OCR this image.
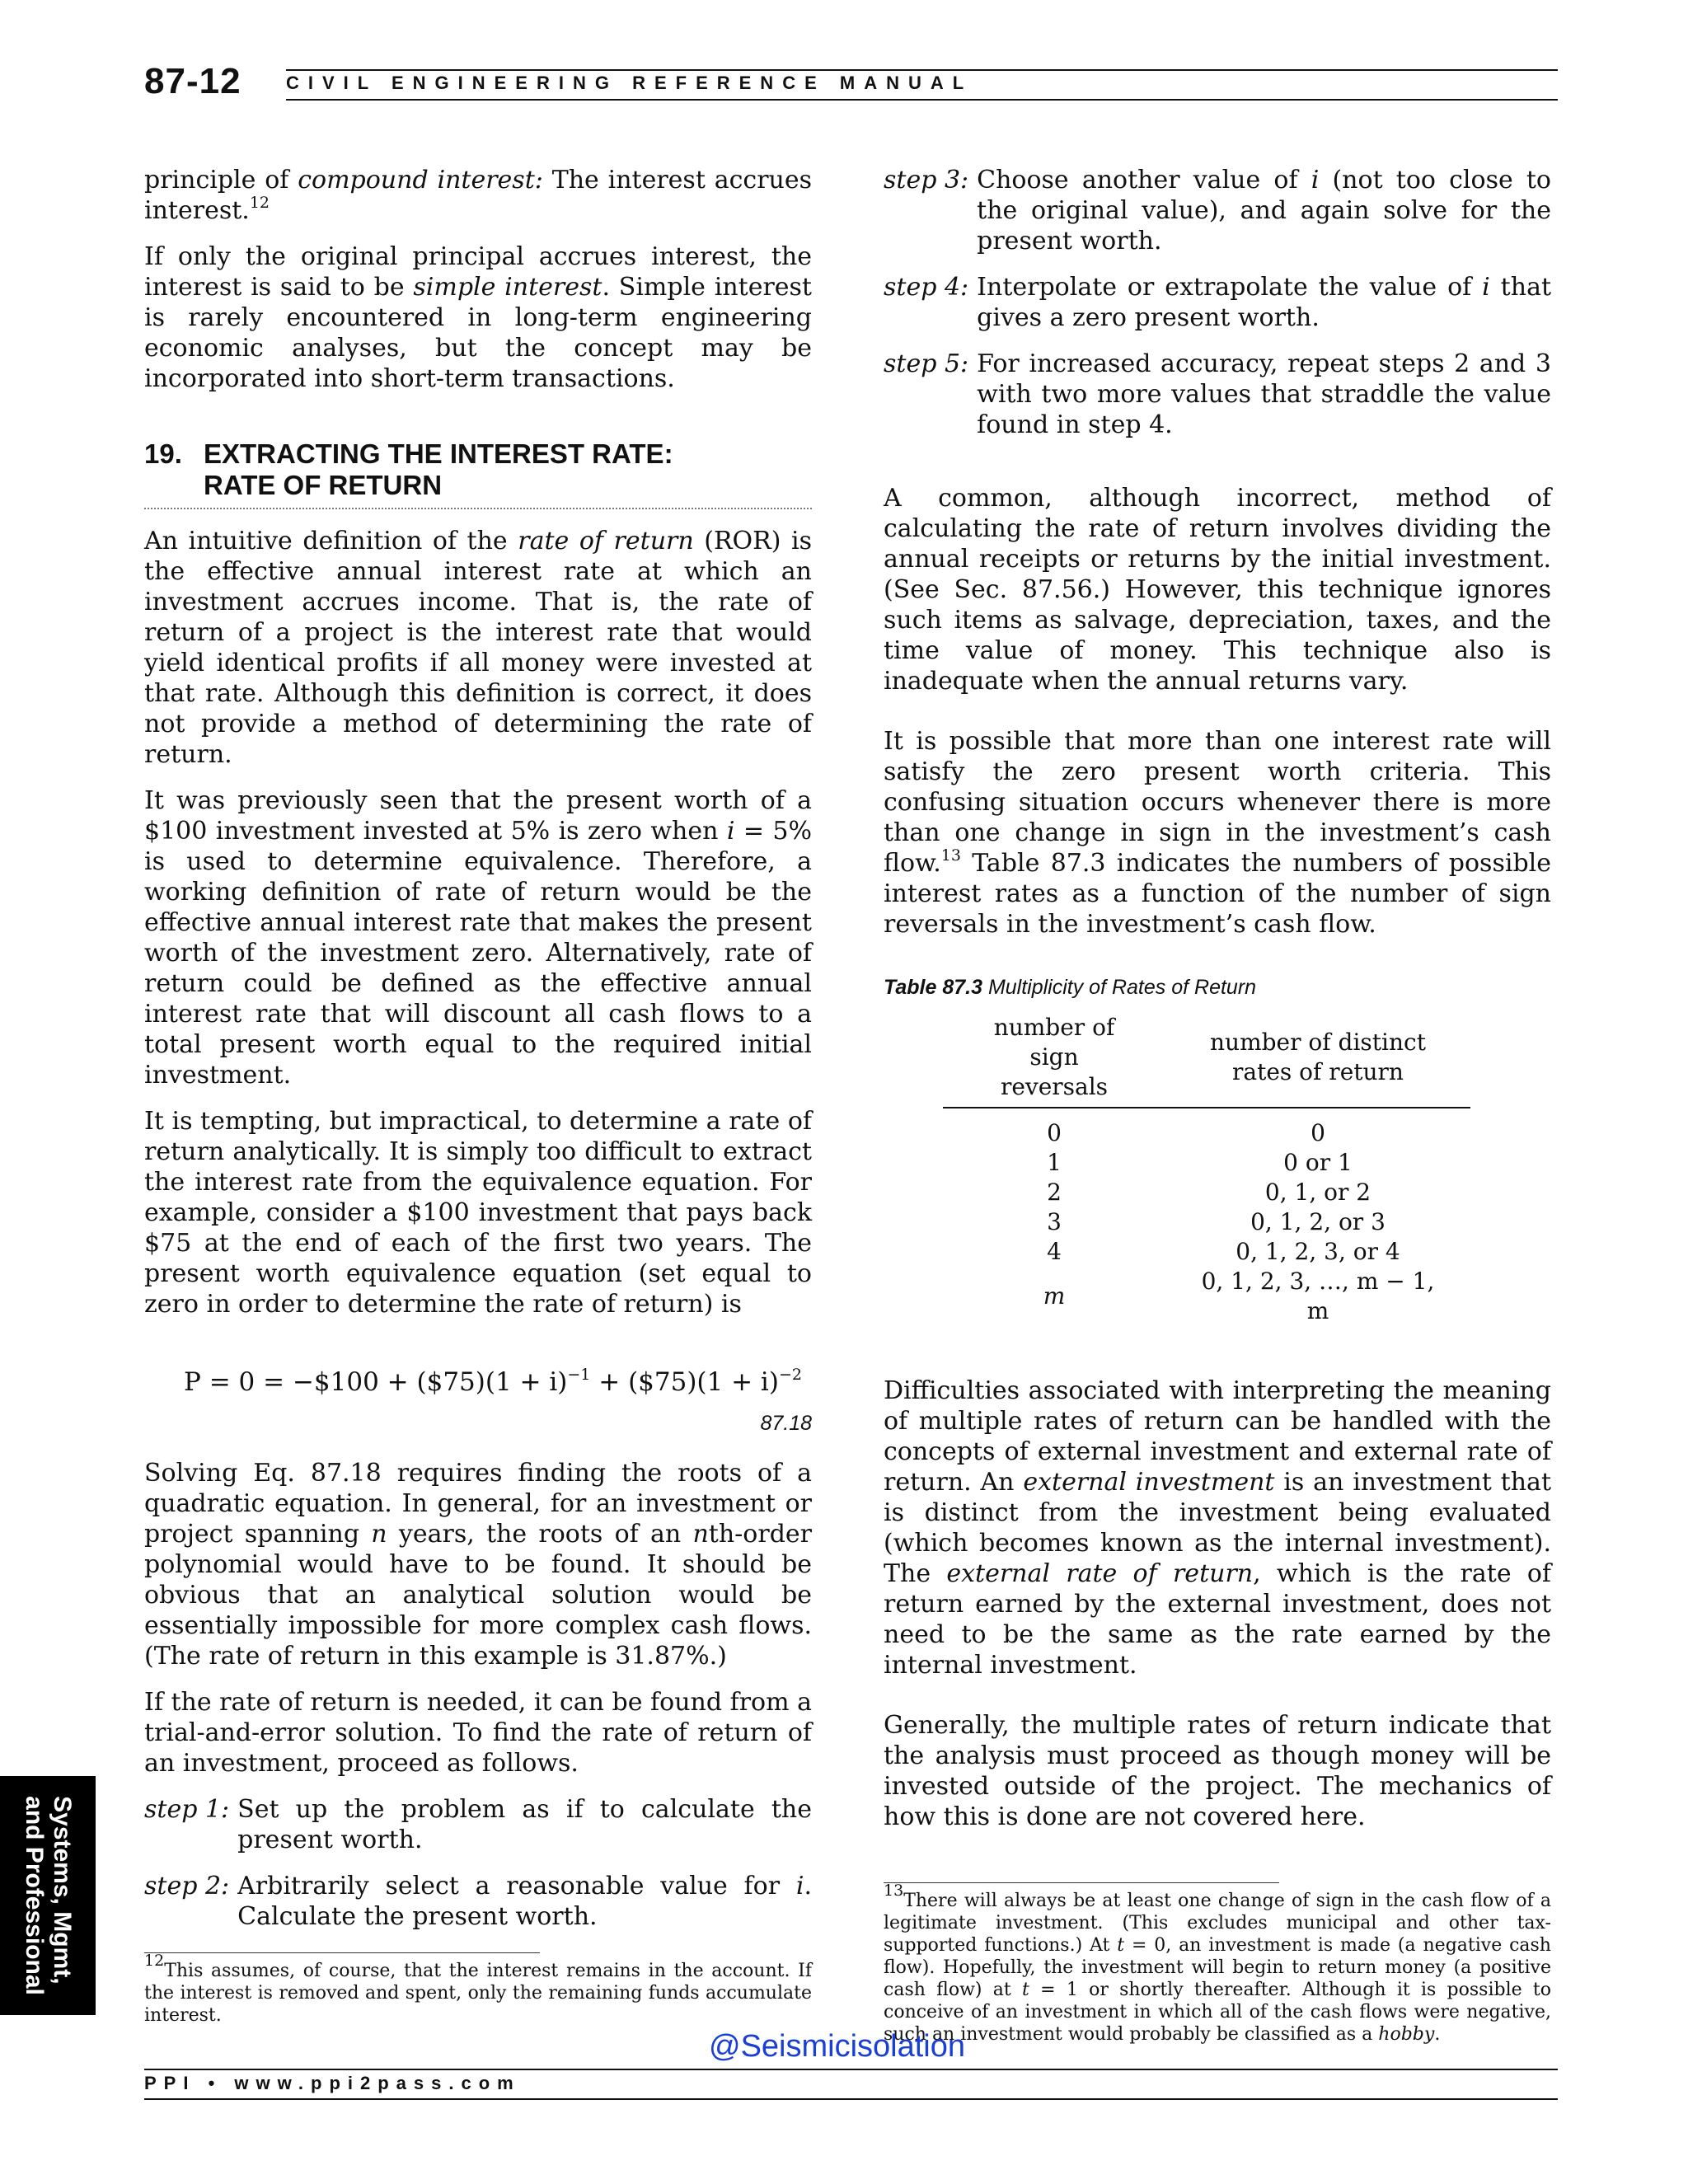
87-12 CIVIL ENGINEERING REFERENCE MANUAL

principle of compound interest: The interest accrues interest.$^{12}$

If only the original principal accrues interest, the interest is said to be simple interest. Simple interest is rarely encountered in long-term engineering economic analyses, but the concept may be incorporated into short-term transactions.

19. EXTRACTING THE INTEREST RATE:
RATE OF RETURN

An intuitive definition of the rate of return (ROR) is the effective annual interest rate at which an investment accrues income. That is, the rate of return of a project is the interest rate that would yield identical profits if all money were invested at that rate. Although this definition is correct, it does not provide a method of determining the rate of return.

It was previously seen that the present worth of a $100 investment invested at 5% is zero when i = 5% is used to determine equivalence. Therefore, a working definition of rate of return would be the effective annual interest rate that makes the present worth of the investment zero. Alternatively, rate of return could be defined as the effective annual interest rate that will discount all cash flows to a total present worth equal to the required initial investment.

It is tempting, but impractical, to determine a rate of return analytically. It is simply too difficult to extract the interest rate from the equivalence equation. For example, consider a $100 investment that pays back $75 at the end of each of the first two years. The present worth equivalence equation (set equal to zero in order to determine the rate of return) is

P = 0 = −$100 + ($75)(1 + i)$^{-1}$ + ($75)(1 + i)$^{-2}$
87.18

Solving Eq. 87.18 requires finding the roots of a quadratic equation. In general, for an investment or project spanning n years, the roots of an nth-order polynomial would have to be found. It should be obvious that an analytical solution would be essentially impossible for more complex cash flows. (The rate of return in this example is 31.87%.)

If the rate of return is needed, it can be found from a trial-and-error solution. To find the rate of return of an investment, proceed as follows.

step 1: Set up the problem as if to calculate the present worth.
step 2: Arbitrarily select a reasonable value for i. Calculate the present worth.
$^{12}$This assumes, of course, that the interest remains in the account. If the interest is removed and spent, only the remaining funds accumulate interest.
step 3: Choose another value of i (not too close to the original value), and again solve for the present worth.
step 4: Interpolate or extrapolate the value of i that gives a zero present worth.
step 5: For increased accuracy, repeat steps 2 and 3 with two more values that straddle the value found in step 4.

A common, although incorrect, method of calculating the rate of return involves dividing the annual receipts or returns by the initial investment. (See Sec. 87.56.) However, this technique ignores such items as salvage, depreciation, taxes, and the time value of money. This technique also is inadequate when the annual returns vary.

It is possible that more than one interest rate will satisfy the zero present worth criteria. This confusing situation occurs whenever there is more than one change in sign in the investment’s cash flow.$^{13}$ Table 87.3 indicates the numbers of possible interest rates as a function of the number of sign reversals in the investment’s cash flow.

Table 87.3 Multiplicity of Rates of Return
number of sign
reversals	number of distinct
rates of return
0	0
1	0 or 1
2	0, 1, or 2
3	0, 1, 2, or 3
4	0, 1, 2, 3, or 4
m	0, 1, 2, 3, …, m − 1, m

Difficulties associated with interpreting the meaning of multiple rates of return can be handled with the concepts of external investment and external rate of return. An external investment is an investment that is distinct from the investment being evaluated (which becomes known as the internal investment). The external rate of return, which is the rate of return earned by the external investment, does not need to be the same as the rate earned by the internal investment.

Generally, the multiple rates of return indicate that the analysis must proceed as though money will be invested outside of the project. The mechanics of how this is done are not covered here.

$^{13}$There will always be at least one change of sign in the cash flow of a legitimate investment. (This excludes municipal and other tax-supported functions.) At t = 0, an investment is made (a negative cash flow). Hopefully, the investment will begin to return money (a positive cash flow) at t = 1 or shortly thereafter. Although it is possible to conceive of an investment in which all of the cash flows were negative, such an investment would probably be classified as a hobby.
Systems, Mgmt,
and Professional
@Seismicisolation
PPI • www.ppi2pass.com
